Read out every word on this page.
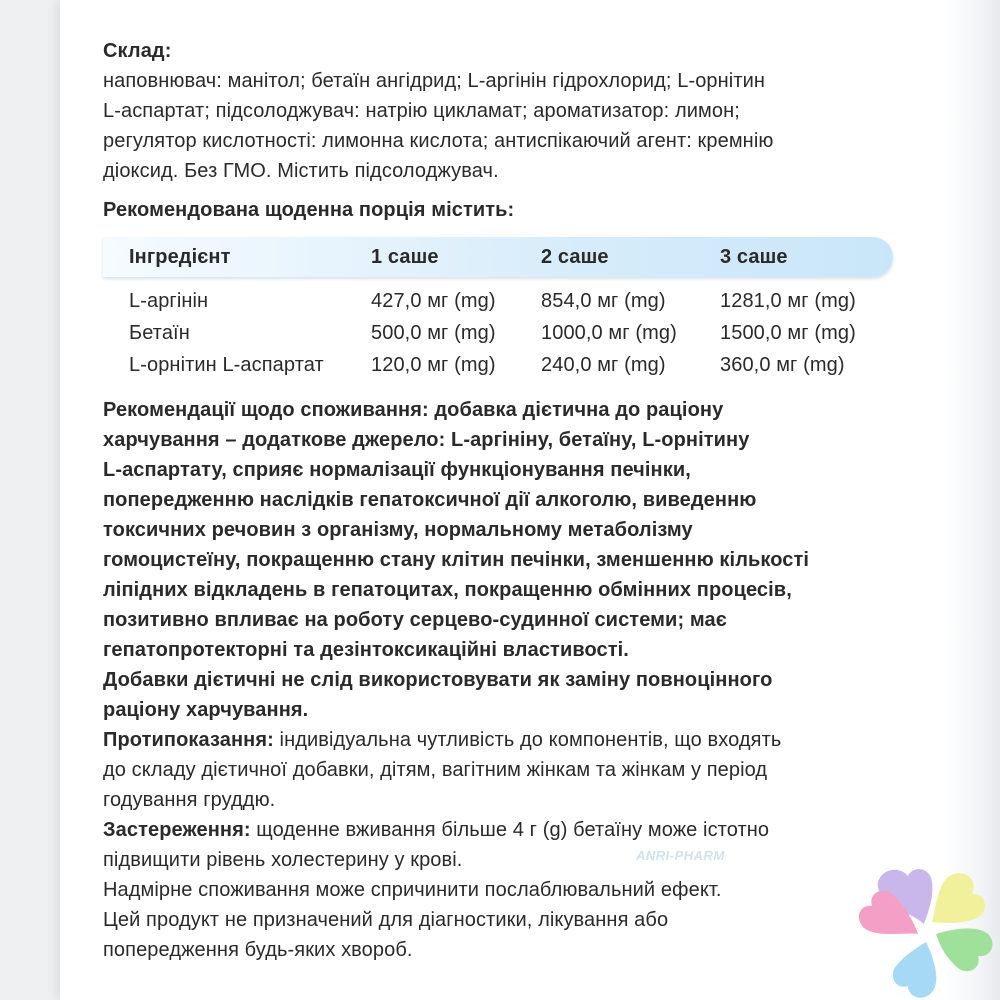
Склад:

наповнювач: манітол; бетаїн ангідрид; L-аргінін гідрохлорид; L-орнітин

L-аспартат; підсолоджувач: натрію цикламат; ароматизатор: лимон;

регулятор кислотності: лимонна кислота; антиспікаючий агент: кремнію

діоксид. Без ГМО. Містить підсолоджувач.

Рекомендована щоденна порція містить:

Інгредієнт	1 саше	2 саше	3 саше
L-аргінін	427,0 мг (mg) 854,0 мг (mg)	1281,0 мг (mg)
Бетаїн	500,0 мг (mg) 1000,0 мг (mg) 1500,0 мг (mg)
L-орнітин L-аспартат 120,0 мг (mg) 240,0 мг (mg)	360,0 мг (mg)

Рекомендації щодо споживання: добавка дієтична до раціону

харчування – додаткове джерело: L-аргініну, бетаїну, L-орнітину

L-аспартату, сприяє нормалізації функціонування печінки,

попередженню наслідків гепатоксичної дії алкоголю, виведенню

токсичних речовин з організму, нормальному метаболізму

гомоцистеїну, покращенню стану клітин печінки, зменшенню кількості

ліпідних відкладень в гепатоцитах, покращенню обмінних процесів,

позитивно впливає на роботу серцево-судинної системи; має

гепатопротекторні та дезінтоксикаційні властивості.

Добавки дієтичні не слід використовувати як заміну повноцінного

раціону харчування.

Протипоказання: індивідуальна чутливість до компонентів, що входять

до складу дієтичної добавки, дітям, вагітним жінкам та жінкам у період

годування груддю.

Застереження: щоденне вживання більше 4 г (g) бетаїну може істотно

підвищити рівень холестерину у крові.

Надмірне споживання може спричинити послаблювальний ефект.

Цей продукт не призначений для діагностики, лікування або

попередження будь-яких хвороб.

ANRI-PHARM
